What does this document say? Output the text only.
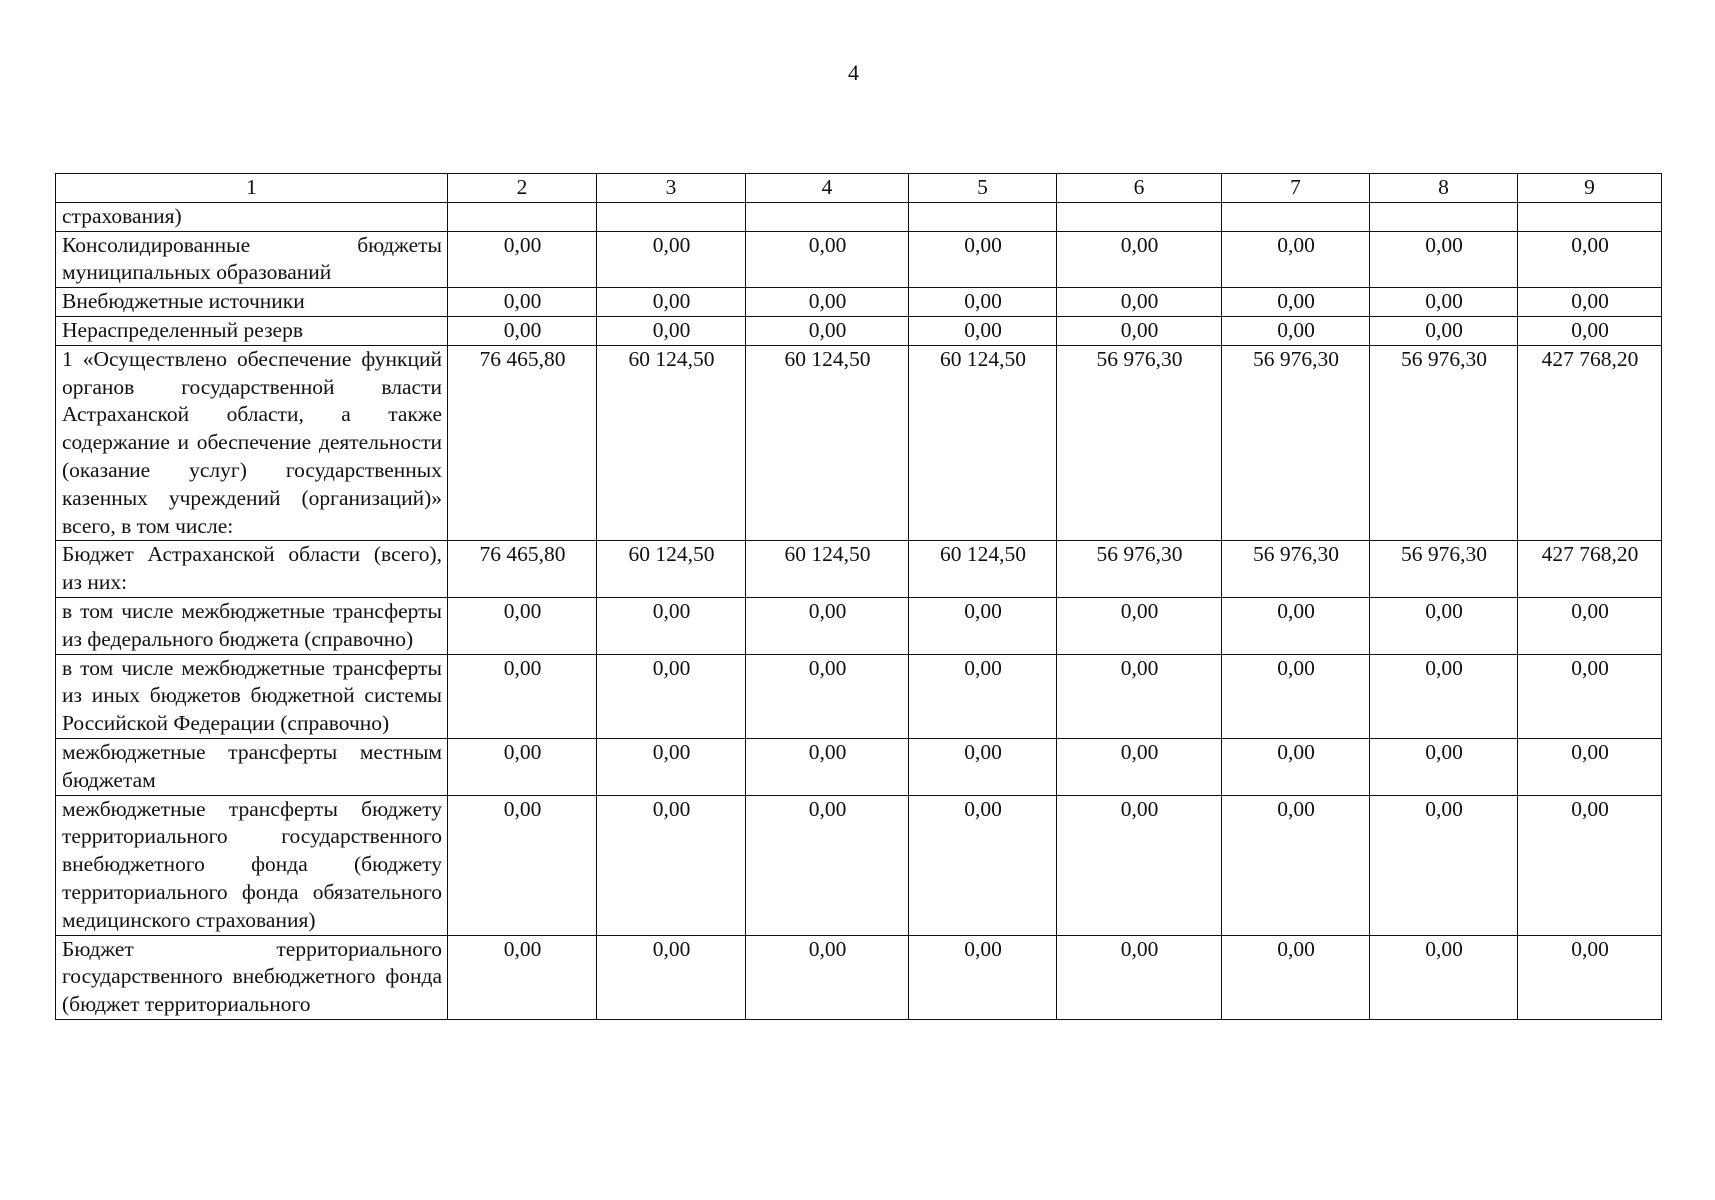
4
1	2	3	4	5	6	7	8	9
страхования)								
Консолидированные бюджеты муниципальных образований	0,00	0,00	0,00	0,00	0,00	0,00	0,00	0,00
Внебюджетные источники	0,00	0,00	0,00	0,00	0,00	0,00	0,00	0,00
Нераспределенный резерв	0,00	0,00	0,00	0,00	0,00	0,00	0,00	0,00
1 «Осуществлено обеспечение функций органов государственной власти Астраханской области, а также содержание и обеспечение деятельности (оказание услуг) государственных казенных учреждений (организаций)» всего, в том числе:	76 465,80	60 124,50	60 124,50	60 124,50	56 976,30	56 976,30	56 976,30	427 768,20
Бюджет Астраханской области (всего), из них:	76 465,80	60 124,50	60 124,50	60 124,50	56 976,30	56 976,30	56 976,30	427 768,20
в том числе межбюджетные трансферты из федерального бюджета (справочно)	0,00	0,00	0,00	0,00	0,00	0,00	0,00	0,00
в том числе межбюджетные трансферты из иных бюджетов бюджетной системы Российской Федерации (справочно)	0,00	0,00	0,00	0,00	0,00	0,00	0,00	0,00
межбюджетные трансферты местным бюджетам	0,00	0,00	0,00	0,00	0,00	0,00	0,00	0,00
межбюджетные трансферты бюджету территориального государственного внебюджетного фонда (бюджету территориального фонда обязательного медицинского страхования)	0,00	0,00	0,00	0,00	0,00	0,00	0,00	0,00
Бюджет территориального государственного внебюджетного фонда (бюджет территориального	0,00	0,00	0,00	0,00	0,00	0,00	0,00	0,00
